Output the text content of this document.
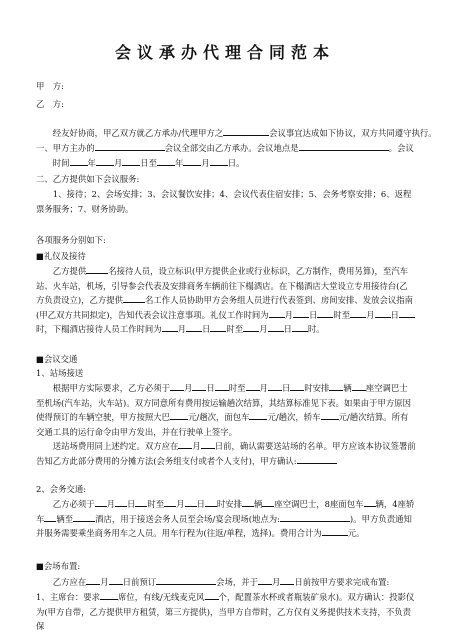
会议承办代理合同范本
甲　方:
乙　方:
经友好协商，甲乙双方就乙方承办/代理甲方之	会议事宜达成如下协议，双方共同遵守执行。
一、甲方主办的	会议全部交由乙方承办。会议地点是	。会议
时间 年 月 日至 年 月 日。
二、乙方提供如下会议服务:
1、接待；2、会场安排；3、会议餐饮安排；4、会议代表住宿安排；5、会务考察安排；6、返程票务服务；7、财务协助。
各项服务分别如下:
■礼仪及接待
乙方提供	名接待人员，设立标识(甲方提供企业或行业标识，乙方制作，费用另算)，至汽车站、火车站，机场，引导参会代表及安排商务车辆前往下榻酒店。在下榻酒店大堂设立专用接待台(乙方负责设立)，乙方提供	名工作人员协助甲方会务组人员进行代表签到、房间安排、发放会议指南(甲乙双方共同拟定)，告知代表会议注意事项。礼仪工作时间为 月 日 时至 月 日时，下榻酒店接待人员工作时间为 月 日 时至 月 日 时。
■会议交通
1、站场接送
根据甲方实际要求，乙方必须于 月 日 时至 月 日 时安排 辆 座空调巴士至机场(汽车站，火车站)。双方同意所有费用按运输趟次结算，其结算标准见下表。如果由于甲方原因使得预订的车辆空驶，甲方按照大巴 元/趟次，面包车 元/趟次，轿车 元/趟次结算。所有交通工具的运行命令由甲方发出，并在行驶单上签字。
送站场费用同上述约定。双方应在 月 日前，确认需要送站场的名单。甲方应该本协议签署前告知乙方此部分费用的分摊方法(会务组支付或者个人支付)，甲方确认:
2、会务交通:
乙方必须于 月 日 时至 月 日 时安排 辆 座空调巴士，8座面包车 辆，4座轿车 辆至	酒店，用于接送会务人员至会场/宴会现场(地点为:	)。甲方负责通知并服务需要乘坐商务用车之人员。用车行程为(往返/单程，选择)。费用合计为	元。
■会场布置:
乙方应在 月 日前预订	会场，并于 月 日前按甲方要求完成布置:
1、主席台：要求 席位，有线/无线麦克风 个，配置茶水杯或者瓶装矿泉水)。双方确认：投影仪为(甲方自带，乙方提供甲方租赁，第三方提供)，当甲方自带时，乙方仅有义务提供技术支持，不负责保
